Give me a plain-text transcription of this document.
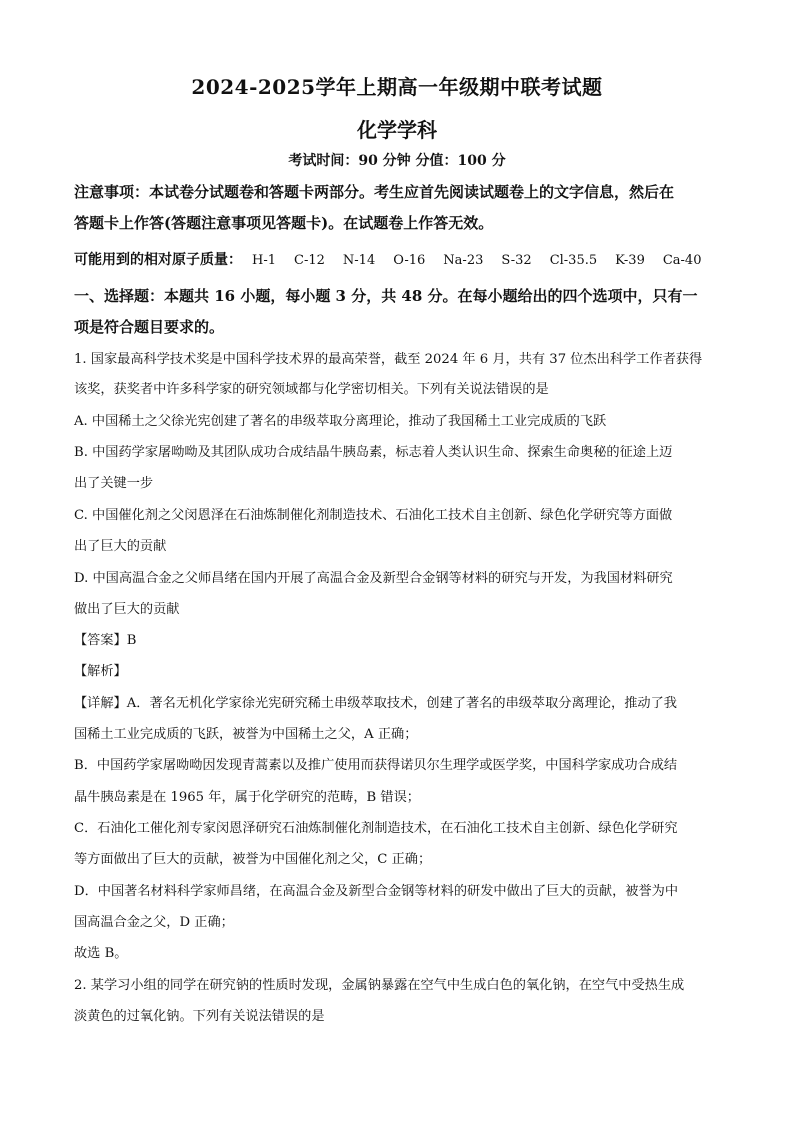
2024-2025学年上期高一年级期中联考试题
化学学科
考试时间：90 分钟 分值：100 分
注意事项：本试卷分试题卷和答题卡两部分。考生应首先阅读试题卷上的文字信息，然后在
答题卡上作答(答题注意事项见答题卡)。在试题卷上作答无效。
可能用到的相对原子质量： H-1 C-12 N-14 O-16 Na-23 S-32 Cl-35.5 K-39 Ca-40
一、选择题：本题共 16 小题，每小题 3 分，共 48 分。在每小题给出的四个选项中，只有一
项是符合题目要求的。
1. 国家最高科学技术奖是中国科学技术界的最高荣誉，截至 2024 年 6 月，共有 37 位杰出科学工作者获得
该奖，获奖者中许多科学家的研究领域都与化学密切相关。下列有关说法错误的是
A. 中国稀土之父徐光宪创建了著名的串级萃取分离理论，推动了我国稀土工业完成质的飞跃
B. 中国药学家屠呦呦及其团队成功合成结晶牛胰岛素，标志着人类认识生命、探索生命奥秘的征途上迈
出了关键一步
C. 中国催化剂之父闵恩泽在石油炼制催化剂制造技术、石油化工技术自主创新、绿色化学研究等方面做
出了巨大的贡献
D. 中国高温合金之父师昌绪在国内开展了高温合金及新型合金钢等材料的研究与开发，为我国材料研究
做出了巨大的贡献
【答案】B
【解析】
【详解】A．著名无机化学家徐光宪研究稀土串级萃取技术，创建了著名的串级萃取分离理论，推动了我
国稀土工业完成质的飞跃，被誉为中国稀土之父，A 正确；
B．中国药学家屠呦呦因发现青蒿素以及推广使用而获得诺贝尔生理学或医学奖，中国科学家成功合成结
晶牛胰岛素是在 1965 年，属于化学研究的范畴，B 错误；
C．石油化工催化剂专家闵恩泽研究石油炼制催化剂制造技术，在石油化工技术自主创新、绿色化学研究
等方面做出了巨大的贡献，被誉为中国催化剂之父，C 正确；
D．中国著名材料科学家师昌绪，在高温合金及新型合金钢等材料的研发中做出了巨大的贡献，被誉为中
国高温合金之父，D 正确；
故选 B。
2. 某学习小组的同学在研究钠的性质时发现，金属钠暴露在空气中生成白色的氧化钠，在空气中受热生成
淡黄色的过氧化钠。下列有关说法错误的是
